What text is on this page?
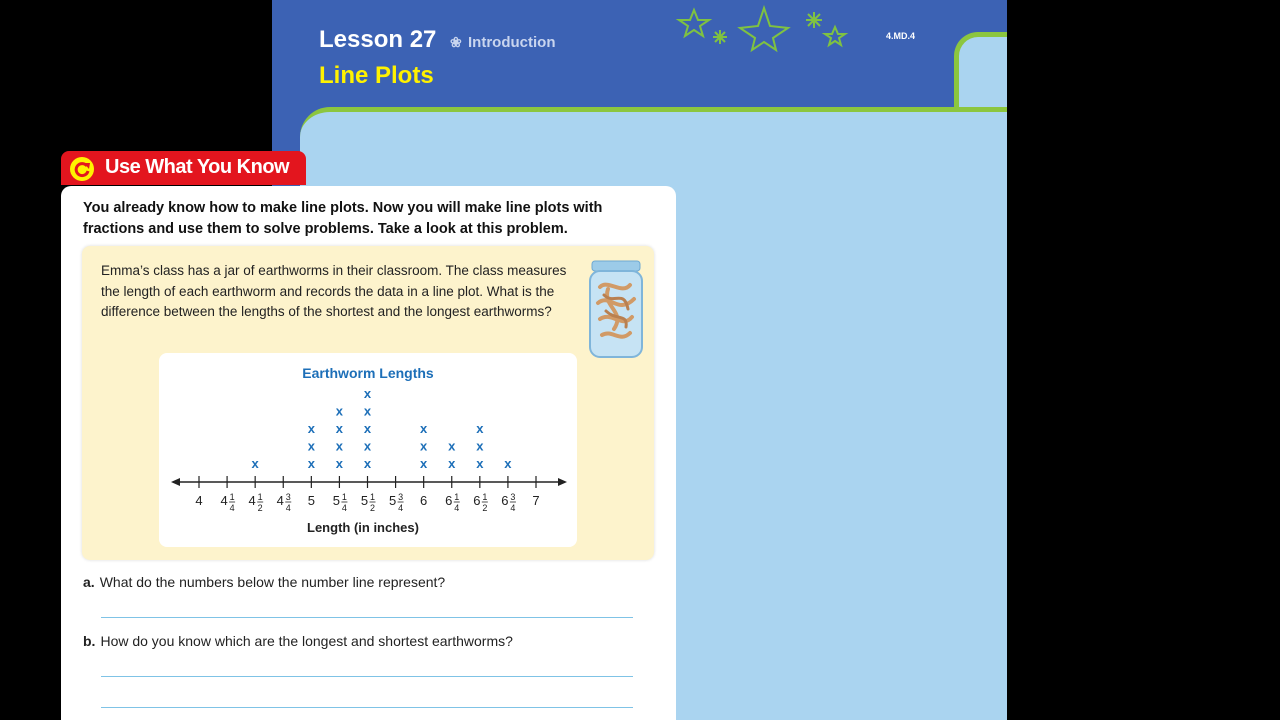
Lesson 27 ❀ Introduction
Line Plots
4.MD.4
Use What You Know
You already know how to make line plots. Now you will make line plots with fractions and use them to solve problems. Take a look at this problem.
Emma’s class has a jar of earthworms in their classroom. The class measures the length of each earthworm and records the data in a line plot. What is the difference between the lengths of the shortest and the longest earthworms?
Earthworm Lengths
4 4 1
4 4 1
2 4 3
4 5 5 1
4 5 1
2 5 3
4 6 6 1
4 6 1
2 6 3
4 7
x	x
x
x
x
x
x
x
x
x
x
x
x
x
x
x
x
x
x
x
x
x
Length (in inches)
a. What do the numbers below the number line represent?
b. How do you know which are the longest and shortest earthworms?
